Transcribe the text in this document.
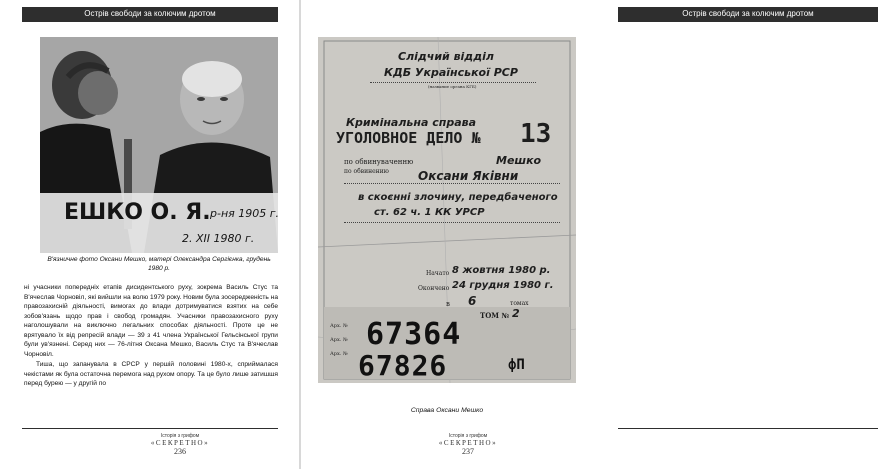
Острів свободи за колючим дротом
ЕШКО О. Я. р-ня 1905 г.
2. XII 1980 г.
В'язничне фото Оксани Мешко, матері Олександра Сергієнка, грудень 1980 р.

ні учасники попередніх етапів дисидентського руху, зокрема Василь Стус та В'ячеслав Чорновіл, які вийшли на волю 1979 року. Новим була зосередженість на правозахисній діяльності, вимогах до влади дотримуватися взятих на себе зобов'язань щодо прав і свобод громадян. Учасники правозахисного руху наголошували на виключно легальних способах діяльності. Проте це не врятувало їх від репресій влади — 39 з 41 члена Української Гельсінської групи були ув'язнені. Серед них — 76-літня Оксана Мешко, Василь Стус та В'ячеслав Чорновіл.

Тиша, що запанувала в СРСР у першій половині 1980-х, сприймалася чекістами як була остаточна перемога над рухом опору. Та це було лише затишшя перед бурею — у другій по

Історія з грифом
«СЕКРЕТНО»
236
Острів свободи за колючим дротом
Слідчий відділ
КДБ Української РСР
(название органа КГБ)
Кримінальна справа
УГОЛОВНОЕ ДЕЛО № 13
по обвинуваченню	Мешко
по обвинению Оксани Яківни
в скоєнні злочину, передбаченого
ст. 62 ч. 1 КК УРСР
Начато 8 жовтня 1980 р.
Окончено 24 грудня 1980 г.
в 6	томах
ТОМ № 2
Арх. №
Арх. №
Арх. №
67364
67826	фП
Справа Оксани Мешко
Історія з грифом
«СЕКРЕТНО»
237
